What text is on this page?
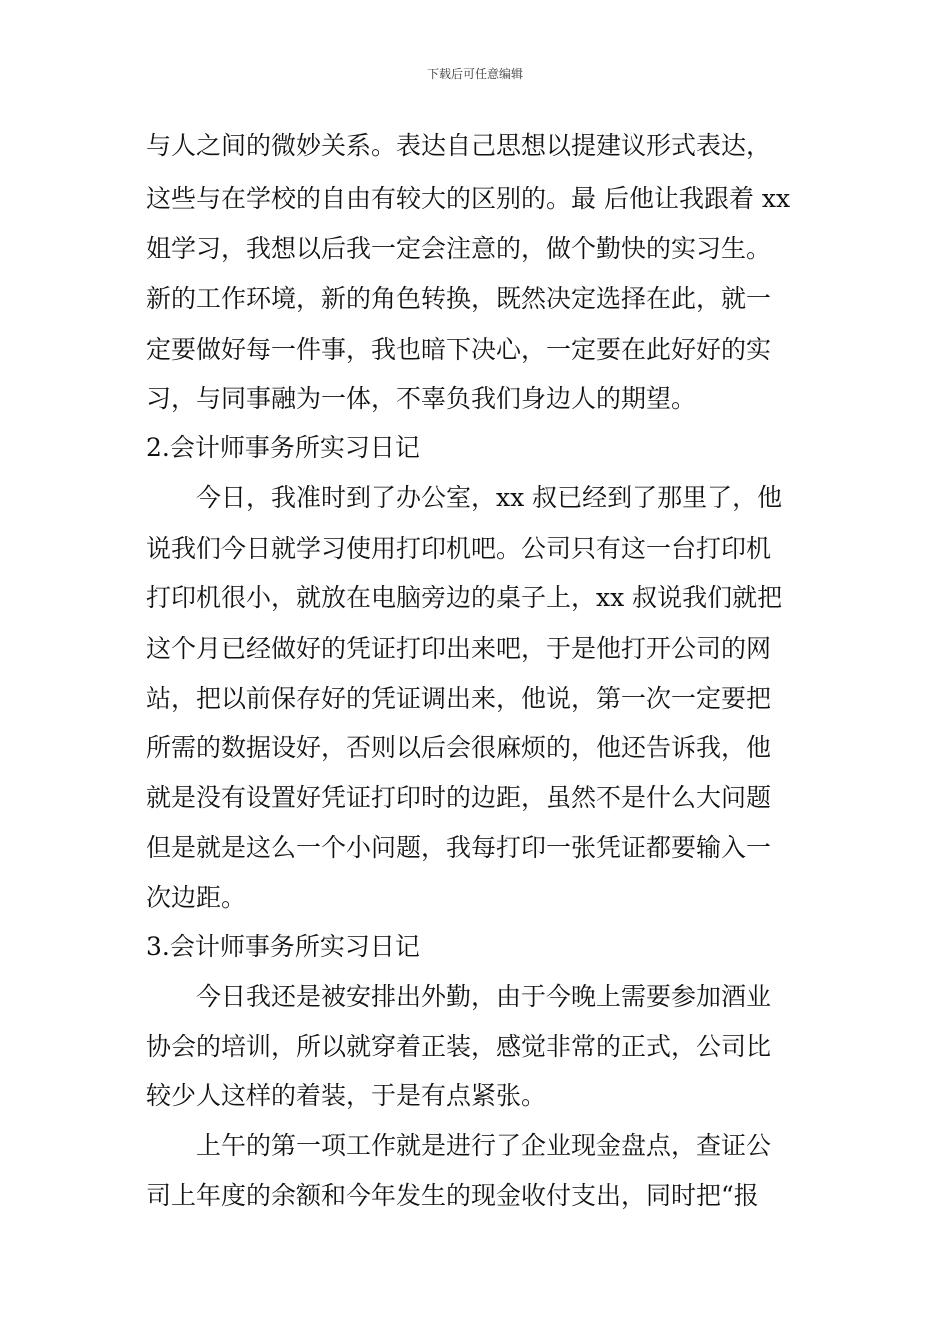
下载后可任意编辑
与人之间的微妙关系。表达自己思想以提建议形式表达，
这些与在学校的自由有较大的区别的。最 后他让我跟着 xx
姐学习，我想以后我一定会注意的，做个勤快的实习生。
新的工作环境，新的角色转换，既然决定选择在此，就一
定要做好每一件事，我也暗下决心，一定要在此好好的实
习，与同事融为一体，不辜负我们身边人的期望。
2.会计师事务所实习日记
　　今日，我准时到了办公室，xx 叔已经到了那里了，他
说我们今日就学习使用打印机吧。公司只有这一台打印机
打印机很小，就放在电脑旁边的桌子上，xx 叔说我们就把
这个月已经做好的凭证打印出来吧，于是他打开公司的网
站，把以前保存好的凭证调出来，他说，第一次一定要把
所需的数据设好，否则以后会很麻烦的，他还告诉我，他
就是没有设置好凭证打印时的边距，虽然不是什么大问题
但是就是这么一个小问题，我每打印一张凭证都要输入一
次边距。
3.会计师事务所实习日记
　　今日我还是被安排出外勤，由于今晚上需要参加酒业
协会的培训，所以就穿着正装，感觉非常的正式，公司比
较少人这样的着装，于是有点紧张。
　　上午的第一项工作就是进行了企业现金盘点，查证公
司上年度的余额和今年发生的现金收付支出，同时把“报
